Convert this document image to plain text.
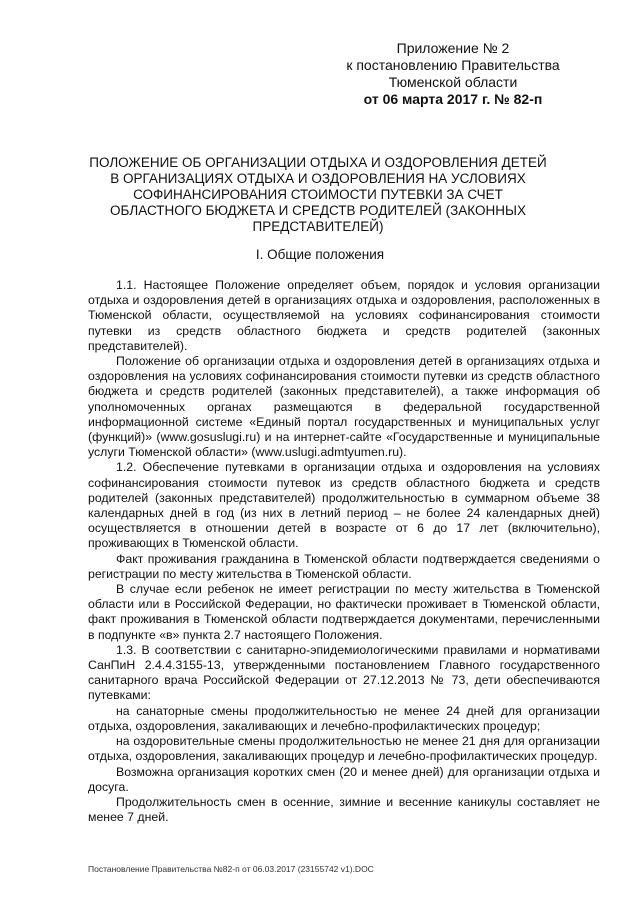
Приложение № 2
к постановлению Правительства Тюменской области
от 06 марта 2017 г. № 82-п
ПОЛОЖЕНИЕ ОБ ОРГАНИЗАЦИИ ОТДЫХА И ОЗДОРОВЛЕНИЯ ДЕТЕЙ В ОРГАНИЗАЦИЯХ ОТДЫХА И ОЗДОРОВЛЕНИЯ НА УСЛОВИЯХ СОФИНАНСИРОВАНИЯ СТОИМОСТИ ПУТЕВКИ ЗА СЧЕТ ОБЛАСТНОГО БЮДЖЕТА И СРЕДСТВ РОДИТЕЛЕЙ (ЗАКОННЫХ ПРЕДСТАВИТЕЛЕЙ)
I. Общие положения

1.1. Настоящее Положение определяет объем, порядок и условия организации отдыха и оздоровления детей в организациях отдыха и оздоровления, расположенных в Тюменской области, осуществляемой на условиях софинансирования стоимости путевки из средств областного бюджета и средств родителей (законных представителей).

Положение об организации отдыха и оздоровления детей в организациях отдыха и оздоровления на условиях софинансирования стоимости путевки из средств областного бюджета и средств родителей (законных представителей), а также информация об уполномоченных органах размещаются в федеральной государственной информационной системе «Единый портал государственных и муниципальных услуг (функций)» (www.gosuslugi.ru) и на интернет-сайте «Государственные и муниципальные услуги Тюменской области» (www.uslugi.admtyumen.ru).

1.2. Обеспечение путевками в организации отдыха и оздоровления на условиях софинансирования стоимости путевок из средств областного бюджета и средств родителей (законных представителей) продолжительностью в суммарном объеме 38 календарных дней в год (из них в летний период – не более 24 календарных дней) осуществляется в отношении детей в возрасте от 6 до 17 лет (включительно), проживающих в Тюменской области.

Факт проживания гражданина в Тюменской области подтверждается сведениями о регистрации по месту жительства в Тюменской области.

В случае если ребенок не имеет регистрации по месту жительства в Тюменской области или в Российской Федерации, но фактически проживает в Тюменской области, факт проживания в Тюменской области подтверждается документами, перечисленными в подпункте «в» пункта 2.7 настоящего Положения.

1.3. В соответствии с санитарно-эпидемиологическими правилами и нормативами СанПиН 2.4.4.3155-13, утвержденными постановлением Главного государственного санитарного врача Российской Федерации от 27.12.2013 № 73, дети обеспечиваются путевками:

на санаторные смены продолжительностью не менее 24 дней для организации отдыха, оздоровления, закаливающих и лечебно-профилактических процедур;

на оздоровительные смены продолжительностью не менее 21 дня для организации отдыха, оздоровления, закаливающих процедур и лечебно-профилактических процедур.

Возможна организация коротких смен (20 и менее дней) для организации отдыха и досуга.

Продолжительность смен в осенние, зимние и весенние каникулы составляет не менее 7 дней.

Постановление Правительства №82-п от 06.03.2017 (23155742 v1).DOC
